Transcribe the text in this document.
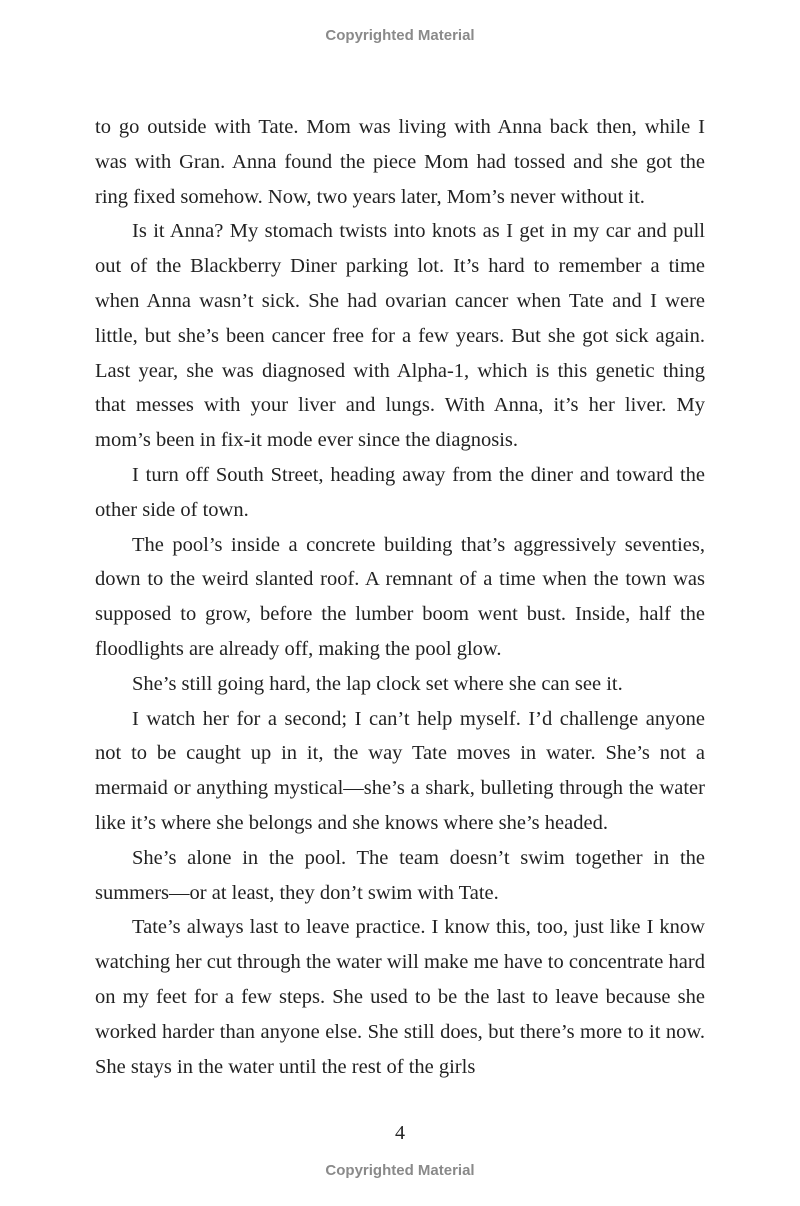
Copyrighted Material

to go outside with Tate. Mom was living with Anna back then, while I was with Gran. Anna found the piece Mom had tossed and she got the ring fixed somehow. Now, two years later, Mom’s never without it.

Is it Anna? My stomach twists into knots as I get in my car and pull out of the Blackberry Diner parking lot. It’s hard to remember a time when Anna wasn’t sick. She had ovarian cancer when Tate and I were little, but she’s been cancer free for a few years. But she got sick again. Last year, she was diagnosed with Alpha-1, which is this genetic thing that messes with your liver and lungs. With Anna, it’s her liver. My mom’s been in fix-it mode ever since the diagnosis.

I turn off South Street, heading away from the diner and toward the other side of town.

The pool’s inside a concrete building that’s aggressively seventies, down to the weird slanted roof. A remnant of a time when the town was supposed to grow, before the lumber boom went bust. Inside, half the floodlights are already off, making the pool glow.

She’s still going hard, the lap clock set where she can see it.

I watch her for a second; I can’t help myself. I’d challenge anyone not to be caught up in it, the way Tate moves in water. She’s not a mermaid or anything mystical—she’s a shark, bulleting through the water like it’s where she belongs and she knows where she’s headed.

She’s alone in the pool. The team doesn’t swim together in the summers—or at least, they don’t swim with Tate.

Tate’s always last to leave practice. I know this, too, just like I know watching her cut through the water will make me have to concentrate hard on my feet for a few steps. She used to be the last to leave because she worked harder than anyone else. She still does, but there’s more to it now. She stays in the water until the rest of the girls

4
Copyrighted Material
